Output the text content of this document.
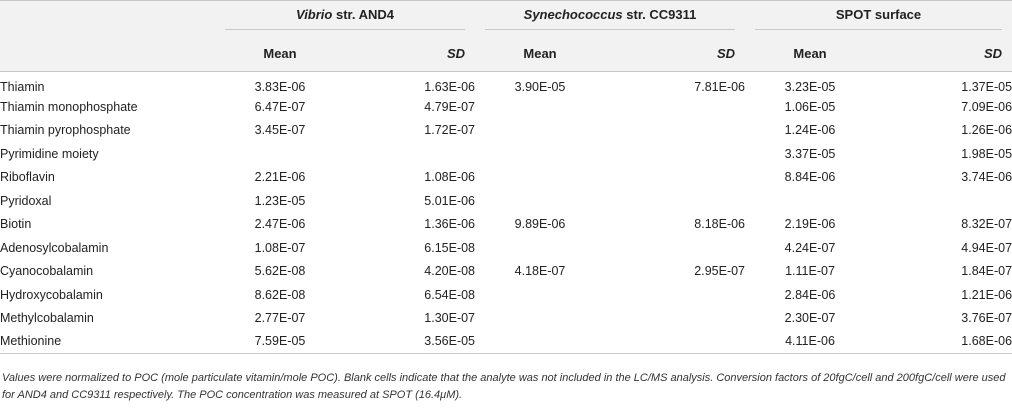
	Vibrio str. AND4		Synechococcus str. CC9311		SPOT surface	

	Mean	SD	Mean	SD	Mean	SD
Thiamin	3.83E-06	1.63E-06	3.90E-05	7.81E-06	3.23E-05	1.37E-05
Thiamin monophosphate	6.47E-07	4.79E-07			1.06E-05	7.09E-06
Thiamin pyrophosphate	3.45E-07	1.72E-07			1.24E-06	1.26E-06
Pyrimidine moiety					3.37E-05	1.98E-05
Riboflavin	2.21E-06	1.08E-06			8.84E-06	3.74E-06
Pyridoxal	1.23E-05	5.01E-06				
Biotin	2.47E-06	1.36E-06	9.89E-06	8.18E-06	2.19E-06	8.32E-07
Adenosylcobalamin	1.08E-07	6.15E-08			4.24E-07	4.94E-07
Cyanocobalamin	5.62E-08	4.20E-08	4.18E-07	2.95E-07	1.11E-07	1.84E-07
Hydroxycobalamin	8.62E-08	6.54E-08			2.84E-06	1.21E-06
Methylcobalamin	2.77E-07	1.30E-07			2.30E-07	3.76E-07
Methionine	7.59E-05	3.56E-05			4.11E-06	1.68E-06

Values were normalized to POC (mole particulate vitamin/mole POC). Blank cells indicate that the analyte was not included in the LC/MS analysis. Conversion factors of 20fgC/cell and 200fgC/cell were used for AND4 and CC9311 respectively. The POC concentration was measured at SPOT (16.4μM).
